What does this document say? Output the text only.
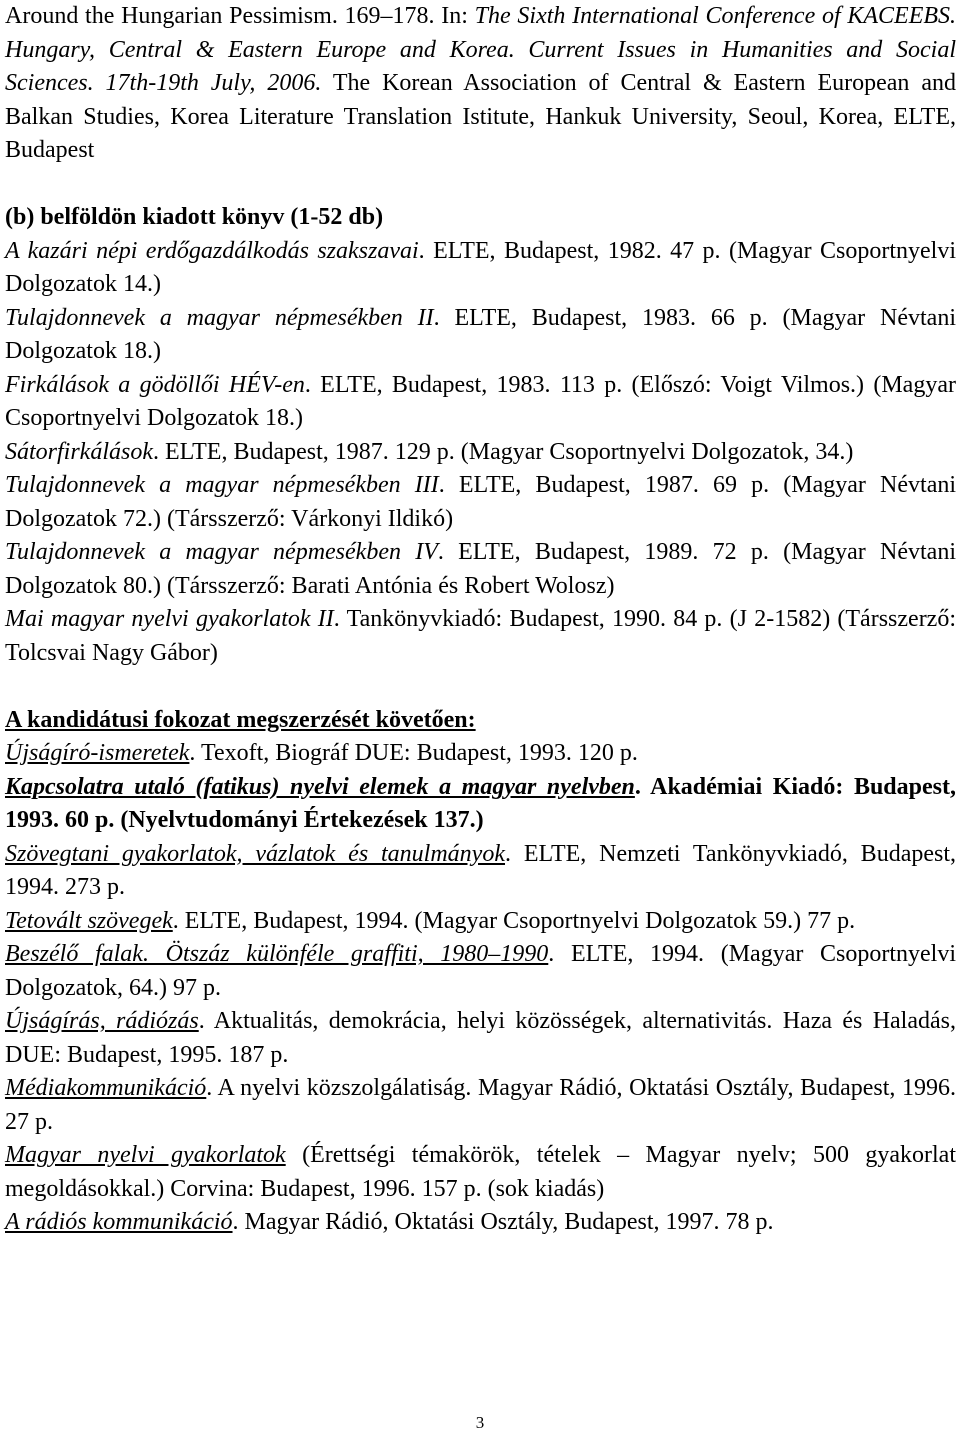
Around the Hungarian Pessimism. 169–178. In: The Sixth International Conference of KACEEBS. Hungary, Central & Eastern Europe and Korea. Current Issues in Humanities and Social Sciences. 17th-19th July, 2006. The Korean Association of Central & Eastern European and Balkan Studies, Korea Literature Translation Istitute, Hankuk University, Seoul, Korea, ELTE, Budapest

(b) belföldön kiadott könyv (1-52 db)

A kazári népi erdőgazdálkodás szakszavai. ELTE, Budapest, 1982. 47 p. (Magyar Csoportnyelvi Dolgozatok 14.)

Tulajdonnevek a magyar népmesékben II. ELTE, Budapest, 1983. 66 p. (Magyar Névtani Dolgozatok 18.)

Firkálások a gödöllői HÉV-en. ELTE, Budapest, 1983. 113 p. (Előszó: Voigt Vilmos.) (Magyar Csoportnyelvi Dolgozatok 18.)

Sátorfirkálások. ELTE, Budapest, 1987. 129 p. (Magyar Csoportnyelvi Dolgozatok, 34.)

Tulajdonnevek a magyar népmesékben III. ELTE, Budapest, 1987. 69 p. (Magyar Névtani Dolgozatok 72.) (Társszerző: Várkonyi Ildikó)

Tulajdonnevek a magyar népmesékben IV. ELTE, Budapest, 1989. 72 p. (Magyar Névtani Dolgozatok 80.) (Társszerző: Barati Antónia és Robert Wolosz)

Mai magyar nyelvi gyakorlatok II. Tankönyvkiadó: Budapest, 1990. 84 p. (J 2-1582) (Társszerző: Tolcsvai Nagy Gábor)

A kandidátusi fokozat megszerzését követően:

Újságíró-ismeretek. Texoft, Biográf DUE: Budapest, 1993. 120 p.

Kapcsolatra utaló (fatikus) nyelvi elemek a magyar nyelvben. Akadémiai Kiadó: Budapest, 1993. 60 p. (Nyelvtudományi Értekezések 137.)

Szövegtani gyakorlatok, vázlatok és tanulmányok. ELTE, Nemzeti Tankönyvkiadó, Budapest, 1994. 273 p.

Tetovált szövegek. ELTE, Budapest, 1994. (Magyar Csoportnyelvi Dolgozatok 59.) 77 p.

Beszélő falak. Ötszáz különféle graffiti, 1980–1990. ELTE, 1994. (Magyar Csoportnyelvi Dolgozatok, 64.) 97 p.

Újságírás, rádiózás. Aktualitás, demokrácia, helyi közösségek, alternativitás. Haza és Haladás, DUE: Budapest, 1995. 187 p.

Médiakommunikáció. A nyelvi közszolgálatiság. Magyar Rádió, Oktatási Osztály, Budapest, 1996. 27 p.

Magyar nyelvi gyakorlatok (Érettségi témakörök, tételek – Magyar nyelv; 500 gyakorlat megoldásokkal.) Corvina: Budapest, 1996. 157 p. (sok kiadás)

A rádiós kommunikáció. Magyar Rádió, Oktatási Osztály, Budapest, 1997. 78 p.

3
